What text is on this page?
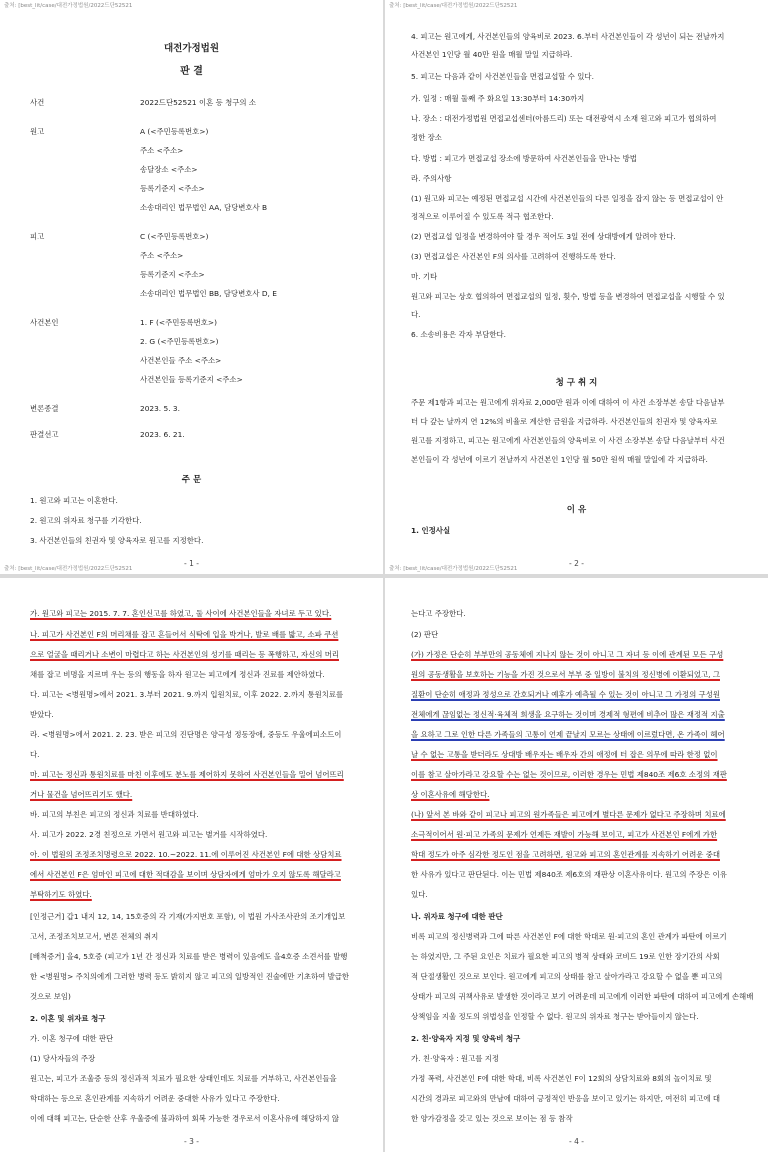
출처: [best_lit/case/대전가정법원/2022드단52521
대전가정법원
판 결
사건	2022드단52521 이혼 등 청구의 소
원고	A (<주민등록번호>)
주소 <주소>
송달장소 <주소>
등록기준지 <주소>
소송대리인 법무법인 AA, 담당변호사 B
피고	C (<주민등록번호>)
주소 <주소>
등록기준지 <주소>
소송대리인 법무법인 BB, 담당변호사 D, E
사건본인	1. F (<주민등록번호>)
2. G (<주민등록번호>)
사건본인들 주소 <주소>
사건본인들 등록기준지 <주소>
변론종결	2023. 5. 3.
판결선고	2023. 6. 21.
주 문
1. 원고와 피고는 이혼한다.
2. 원고의 위자료 청구를 기각한다.
3. 사건본인들의 친권자 및 양육자로 원고를 지정한다.
- 1 -
출처: [best_lit/case/대전가정법원/2022드단52521
출처: [best_lit/case/대전가정법원/2022드단52521
4. 피고는 원고에게, 사건본인들의 양육비로 2023. 6.부터 사건본인들이 각 성년이 되는 전날까지
사건본인 1인당 월 40만 원을 매월 말일 지급하라.
5. 피고는 다음과 같이 사건본인들을 면접교섭할 수 있다.
가. 일정 : 매월 둘째 주 화요일 13:30부터 14:30까지
나. 장소 : 대전가정법원 면접교섭센터(아름드리) 또는 대전광역시 소재 원고와 피고가 협의하여
정한 장소
다. 방법 : 피고가 면접교섭 장소에 방문하여 사건본인들을 만나는 방법
라. 주의사항
(1) 원고와 피고는 예정된 면접교섭 시간에 사건본인들의 다른 일정을 잡지 않는 등 면접교섭이 안
정적으로 이루어질 수 있도록 적극 협조한다.
(2) 면접교섭 일정을 변경하여야 할 경우 적어도 3일 전에 상대방에게 알려야 한다.
(3) 면접교섭은 사건본인 F의 의사를 고려하여 진행하도록 한다.
마. 기타
원고와 피고는 상호 협의하여 면접교섭의 일정, 횟수, 방법 등을 변경하여 면접교섭을 시행할 수 있
다.
6. 소송비용은 각자 부담한다.
청 구 취 지
주문 제1항과 피고는 원고에게 위자료 2,000만 원과 이에 대하여 이 사건 소장부본 송달 다음날부
터 다 갚는 날까지 연 12%의 비율로 계산한 금원을 지급하라. 사건본인들의 친권자 및 양육자로
원고를 지정하고, 피고는 원고에게 사건본인들의 양육비로 이 사건 소장부본 송달 다음날부터 사건
본인들이 각 성년에 이르기 전날까지 사건본인 1인당 월 50만 원씩 매월 말일에 각 지급하라.
이 유
1. 인정사실
- 2 -
출처: [best_lit/case/대전가정법원/2022드단52521
가. 원고와 피고는 2015. 7. 7. 혼인신고를 하였고, 둘 사이에 사건본인들을 자녀로 두고 있다.
나. 피고가 사건본인 F의 머리채를 잡고 흔들어서 식탁에 입을 박거나, 발로 배를 밟고, 소파 쿠션
으로 얼굴을 때리거나 소변이 마렵다고 하는 사건본인의 성기를 때리는 등 폭행하고, 자신의 머리
채를 잡고 비명을 지르며 우는 등의 행동을 하자 원고는 피고에게 정신과 진료를 제안하였다.
다. 피고는 <병원명>에서 2021. 3.부터 2021. 9.까지 입원치료, 이후 2022. 2.까지 통원치료를
받았다.
라. <병원명>에서 2021. 2. 23. 받은 피고의 진단명은 양극성 정동장애, 중등도 우울에피소드이
다.
마. 피고는 정신과 통원치료를 마친 이후에도 분노를 제어하지 못하여 사건본인들을 밀어 넘어뜨리
거나 물건을 넘어뜨리기도 했다.
바. 피고의 부친은 피고의 정신과 치료를 반대하였다.
사. 피고가 2022. 2경 친정으로 가면서 원고와 피고는 별거를 시작하였다.
아. 이 법원의 조정조치명령으로 2022. 10.~2022. 11.에 이루어진 사건본인 F에 대한 상담치료
에서 사건본인 F은 엄마인 피고에 대한 적대감을 보이며 상담자에게 엄마가 오지 않도록 해달라고
부탁하기도 하였다.
[인정근거] 갑1 내지 12, 14, 15호증의 각 기재(가지번호 포함), 이 법원 가사조사관의 조기개입보
고서, 조정조치보고서, 변론 전체의 취지
[배척증거] 을4, 5호증 (피고가 1년 간 정신과 치료를 받은 병력이 있음에도 을4호증 소견서를 발행
한 <병원명> 주치의에게 그러한 병력 등도 밝히지 않고 피고의 일방적인 진술에만 기초하여 발급한
것으로 보임)
2. 이혼 및 위자료 청구
가. 이혼 청구에 대한 판단
(1) 당사자들의 주장
원고는, 피고가 조울증 등의 정신과적 치료가 필요한 상태인데도 치료를 거부하고, 사건본인들을
학대하는 등으로 혼인관계를 지속하기 어려운 중대한 사유가 있다고 주장한다.
이에 대해 피고는, 단순한 산후 우울증에 불과하여 회복 가능한 경우로서 이혼사유에 해당하지 않
- 3 -
는다고 주장한다.
(2) 판단
(가) 가정은 단순히 부부만의 공동체에 지나지 않는 것이 아니고 그 자녀 등 이에 관계된 모든 구성
원의 공동생활을 보호하는 기능을 가진 것으로서 부부 중 일방이 불치의 정신병에 이환되었고, 그
질환이 단순히 애정과 정성으로 간호되거나 예후가 예측될 수 있는 것이 아니고 그 가정의 구성원
전체에게 끊임없는 정신적·육체적 희생을 요구하는 것이며 경제적 형편에 비추어 많은 재정적 지출
을 요하고 그로 인한 다른 가족들의 고통이 언제 끝날지 모르는 상태에 이르렀다면, 온 가족이 헤어
날 수 없는 고통을 받더라도 상대방 배우자는 배우자 간의 애정에 터 잡은 의무에 따라 한정 없이
이를 참고 살아가라고 강요할 수는 없는 것이므로, 이러한 경우는 민법 제840조 제6호 소정의 재판
상 이혼사유에 해당한다.
(나) 앞서 본 바와 같이 피고나 피고의 원가족들은 피고에게 별다른 문제가 없다고 주장하며 치료에
소극적이어서 원·피고 가족의 문제가 언제든 재발이 가능해 보이고, 피고가 사건본인 F에게 가한
학대 정도가 아주 심각한 정도인 점을 고려하면, 원고와 피고의 혼인관계를 지속하기 어려운 중대
한 사유가 있다고 판단된다. 이는 민법 제840조 제6호의 재판상 이혼사유이다. 원고의 주장은 이유
있다.
나. 위자료 청구에 대한 판단
비록 피고의 정신병력과 그에 따른 사건본인 F에 대한 학대로 원·피고의 혼인 관계가 파탄에 이르기
는 하였지만, 그 주된 요인은 치료가 필요한 피고의 병적 상태와 코비드 19로 인한 장기간의 사회
적 단절생활인 것으로 보인다. 원고에게 피고의 상태를 참고 살아가라고 강요할 수 없을 뿐 피고의
상태가 피고의 귀책사유로 발생한 것이라고 보기 어려운데 피고에게 이러한 파탄에 대하여 피고에게 손해배
상책임을 지울 정도의 위법성을 인정할 수 없다. 원고의 위자료 청구는 받아들이지 않는다.
2. 친·양육자 지정 및 양육비 청구
가. 친·양육자 : 원고를 지정
가정 폭력, 사건본인 F에 대한 학대, 비록 사건본인 F이 12회의 상담치료와 8회의 놀이치료 및
시간의 경과로 피고와의 만남에 대하여 긍정적인 반응을 보이고 있기는 하지만, 여전히 피고에 대
한 양가감정을 갖고 있는 것으로 보이는 점 등 참작
- 4 -
